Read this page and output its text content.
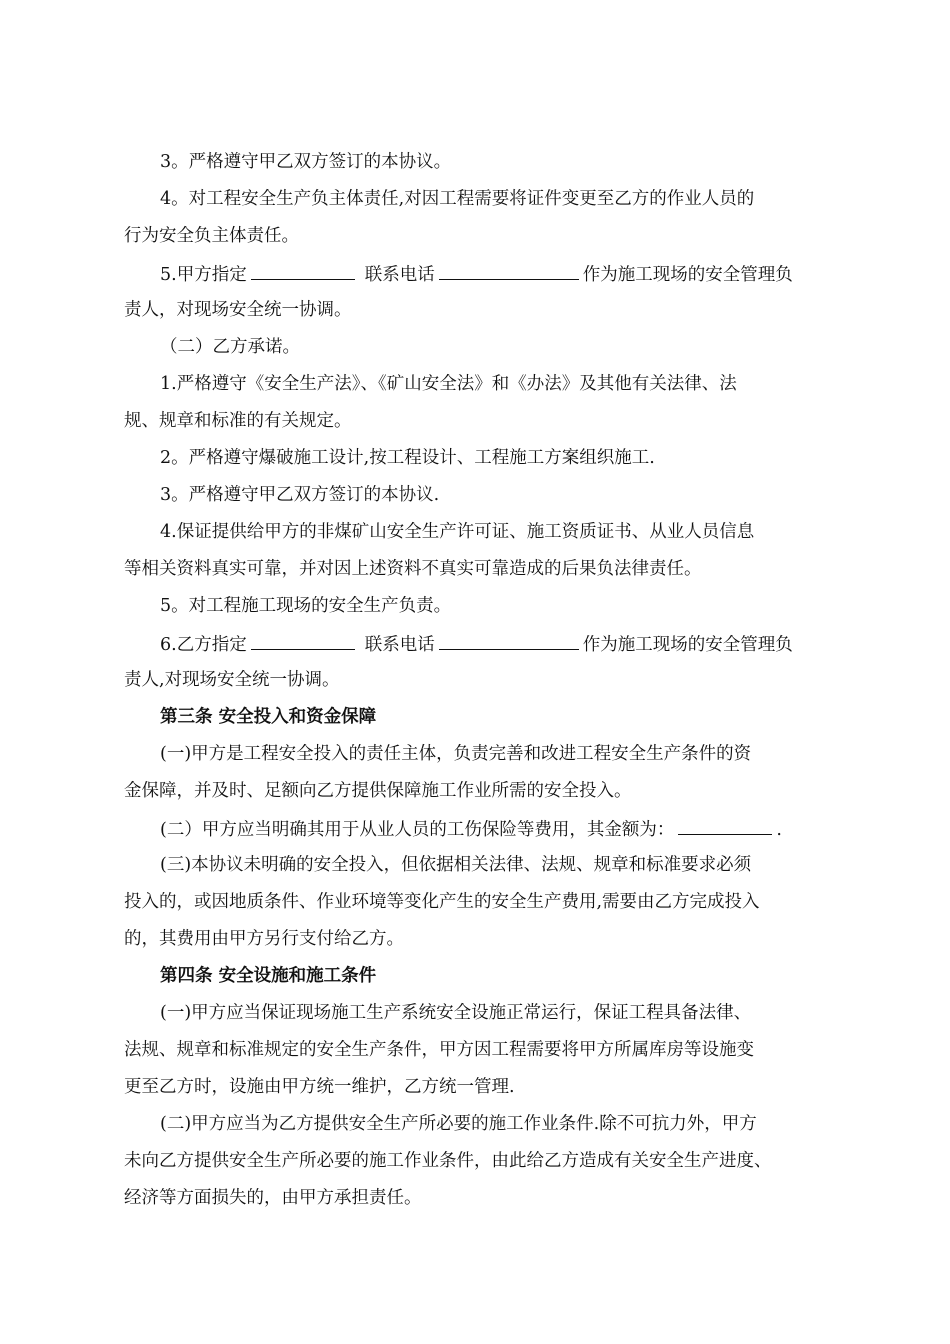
3。严格遵守甲乙双方签订的本协议。
4。对工程安全生产负主体责任,对因工程需要将证件变更至乙方的作业人员的
行为安全负主体责任。
5.甲方指定	联系电话	作为施工现场的安全管理负
责人，对现场安全统一协调。
（二）乙方承诺。
1.严格遵守《安全生产法》、《矿山安全法》和《办法》及其他有关法律、法
规、规章和标准的有关规定。
2。严格遵守爆破施工设计,按工程设计、工程施工方案组织施工.
3。严格遵守甲乙双方签订的本协议.
4.保证提供给甲方的非煤矿山安全生产许可证、施工资质证书、从业人员信息
等相关资料真实可靠，并对因上述资料不真实可靠造成的后果负法律责任。
5。对工程施工现场的安全生产负责。
6.乙方指定	联系电话	作为施工现场的安全管理负
责人,对现场安全统一协调。
第三条 安全投入和资金保障
(一)甲方是工程安全投入的责任主体，负责完善和改进工程安全生产条件的资
金保障，并及时、足额向乙方提供保障施工作业所需的安全投入。
(二）甲方应当明确其用于从业人员的工伤保险等费用，其金额为：	.
(三)本协议未明确的安全投入，但依据相关法律、法规、规章和标准要求必须
投入的，或因地质条件、作业环境等变化产生的安全生产费用,需要由乙方完成投入
的，其费用由甲方另行支付给乙方。
第四条 安全设施和施工条件
(一)甲方应当保证现场施工生产系统安全设施正常运行，保证工程具备法律、
法规、规章和标准规定的安全生产条件，甲方因工程需要将甲方所属库房等设施变
更至乙方时，设施由甲方统一维护，乙方统一管理.
(二)甲方应当为乙方提供安全生产所必要的施工作业条件.除不可抗力外，甲方
未向乙方提供安全生产所必要的施工作业条件，由此给乙方造成有关安全生产进度、
经济等方面损失的，由甲方承担责任。
